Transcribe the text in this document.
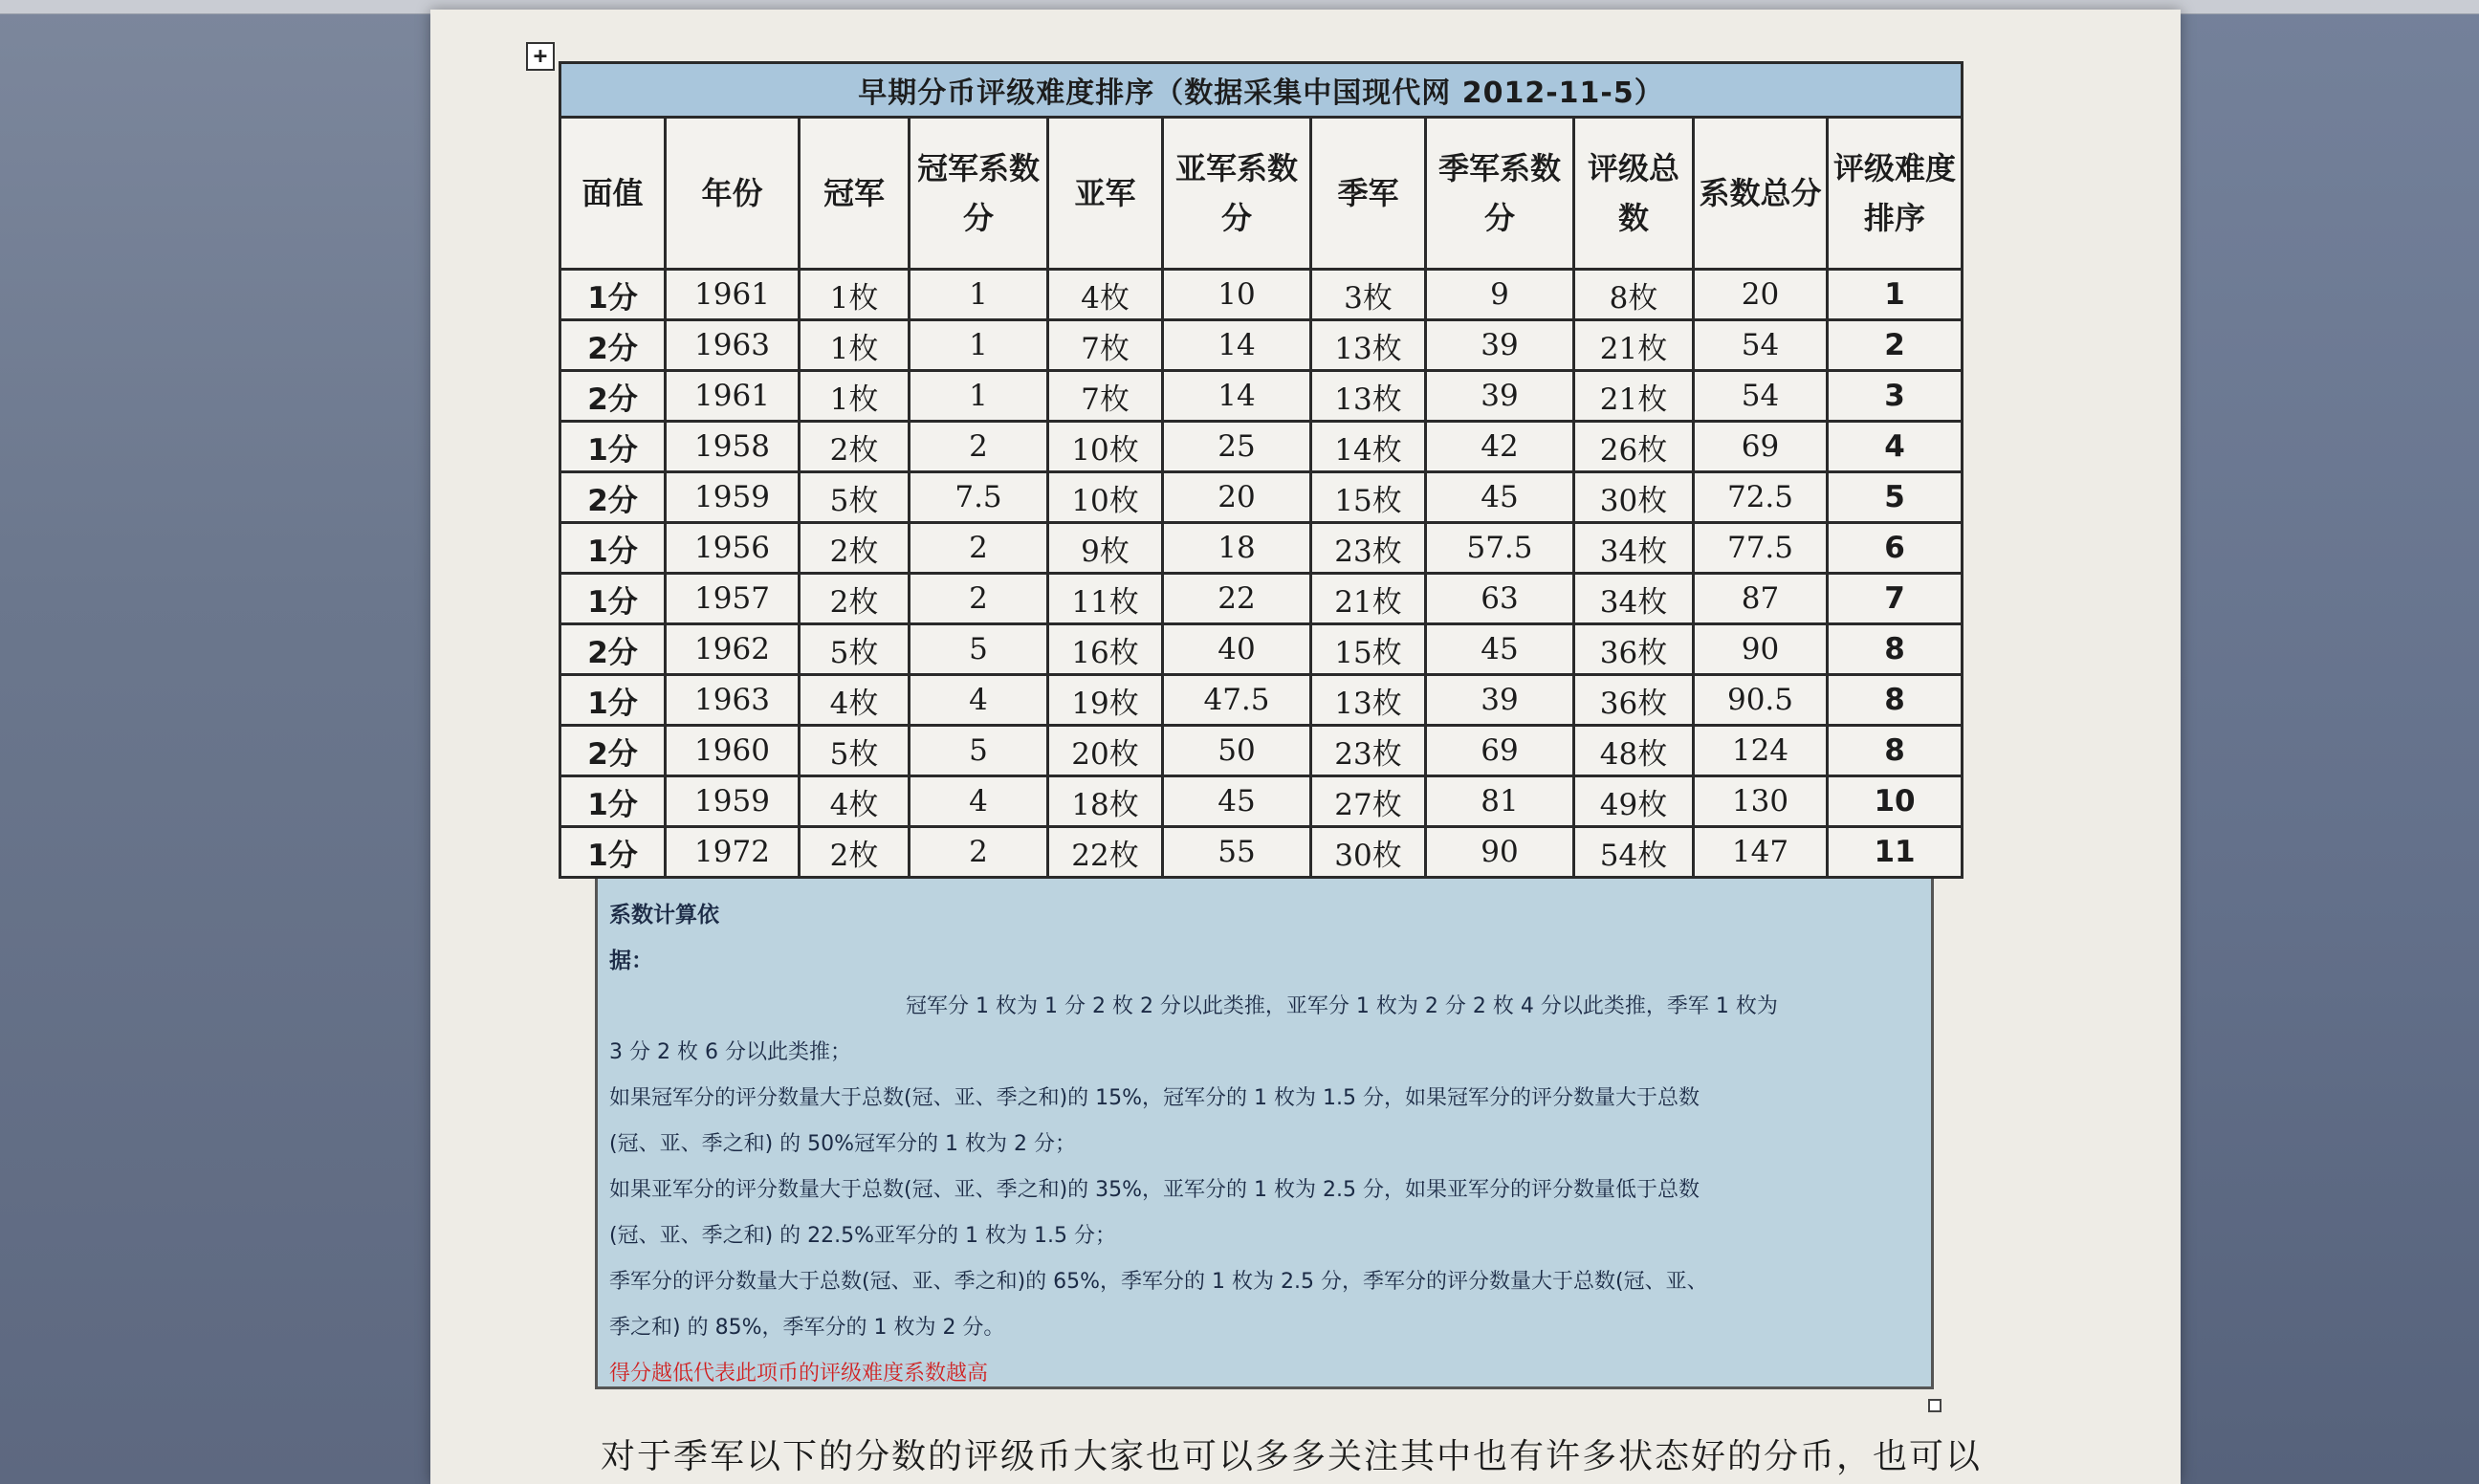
+
早期分币评级难度排序（数据采集中国现代网 2012-11-5）										
面值	年份	冠军	冠军系数分	亚军	亚军系数分	季军	季军系数分	评级总数	系数总分	评级难度排序
1分	1961	1枚	1	4枚	10	3枚	9	8枚	20	1
2分	1963	1枚	1	7枚	14	13枚	39	21枚	54	2
2分	1961	1枚	1	7枚	14	13枚	39	21枚	54	3
1分	1958	2枚	2	10枚	25	14枚	42	26枚	69	4
2分	1959	5枚	7.5	10枚	20	15枚	45	30枚	72.5	5
1分	1956	2枚	2	9枚	18	23枚	57.5	34枚	77.5	6
1分	1957	2枚	2	11枚	22	21枚	63	34枚	87	7
2分	1962	5枚	5	16枚	40	15枚	45	36枚	90	8
1分	1963	4枚	4	19枚	47.5	13枚	39	36枚	90.5	8
2分	1960	5枚	5	20枚	50	23枚	69	48枚	124	8
1分	1959	4枚	4	18枚	45	27枚	81	49枚	130	10
1分	1972	2枚	2	22枚	55	30枚	90	54枚	147	11
系数计算依
据：
冠军分 1 枚为 1 分 2 枚 2 分以此类推，亚军分 1 枚为 2 分 2 枚 4 分以此类推，季军 1 枚为
3 分 2 枚 6 分以此类推；
如果冠军分的评分数量大于总数(冠、亚、季之和)的 15%，冠军分的 1 枚为 1.5 分，如果冠军分的评分数量大于总数
(冠、亚、季之和) 的 50%冠军分的 1 枚为 2 分；
如果亚军分的评分数量大于总数(冠、亚、季之和)的 35%，亚军分的 1 枚为 2.5 分，如果亚军分的评分数量低于总数
(冠、亚、季之和) 的 22.5%亚军分的 1 枚为 1.5 分；
季军分的评分数量大于总数(冠、亚、季之和)的 65%，季军分的 1 枚为 2.5 分，季军分的评分数量大于总数(冠、亚、
季之和) 的 85%，季军分的 1 枚为 2 分。
得分越低代表此项币的评级难度系数越高
对于季军以下的分数的评级币大家也可以多多关注其中也有许多状态好的分币，也可以
